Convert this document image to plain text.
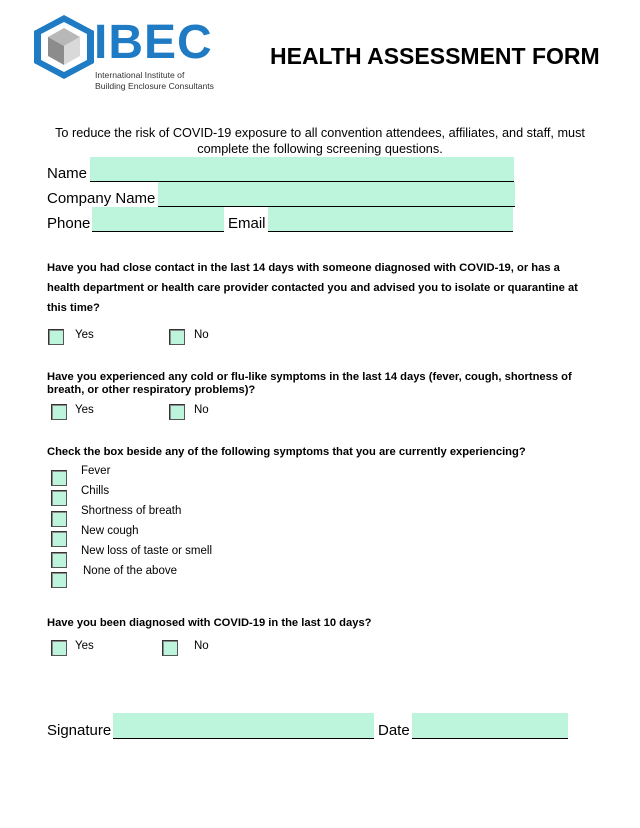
IBEC
International Institute of
Building Enclosure Consultants
HEALTH ASSESSMENT FORM
To reduce the risk of COVID-19 exposure to all convention attendees, affiliates, and staff, must
complete the following screening questions.
Name
Company Name
Phone	Email
Have you had close contact in the last 14 days with someone diagnosed with COVID-19, or has a
health department or health care provider contacted you and advised you to isolate or quarantine at
this time?
Yes	No
Have you experienced any cold or flu-like symptoms in the last 14 days (fever, cough, shortness of
breath, or other respiratory problems)?
Yes	No
Check the box beside any of the following symptoms that you are currently experiencing?
Fever
Chills
Shortness of breath
New cough
New loss of taste or smell
None of the above
Have you been diagnosed with COVID-19 in the last 10 days?
Yes	No
Signature	Date
